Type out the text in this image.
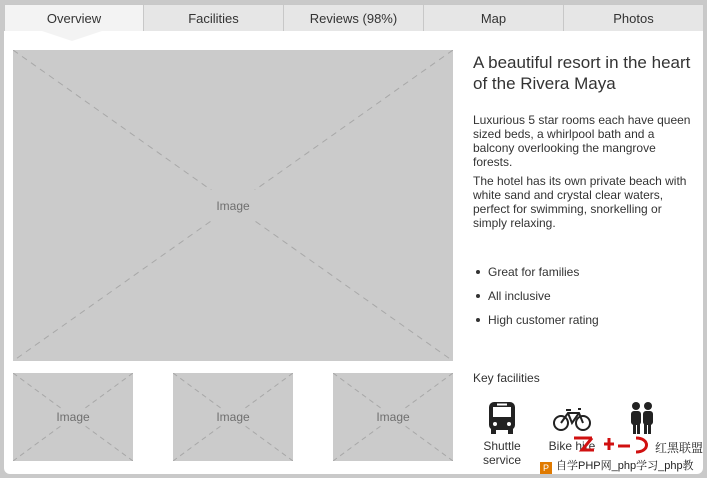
Overview	Facilities	Reviews (98%)	Map	Photos
Image
Image	Image	Image
A beautiful resort in the heart of the Rivera Maya
Luxurious 5 star rooms each have queen sized beds, a whirlpool bath and a balcony overlooking the mangrove forests.
The hotel has its own private beach with white sand and crystal clear waters, perfect for swimming, snorkelling or simply relaxing.
Great for families
All inclusive
High customer rating
Key facilities
Shuttle service
Bike hire	红黑联盟
P 自学PHP网_php学习_php教
